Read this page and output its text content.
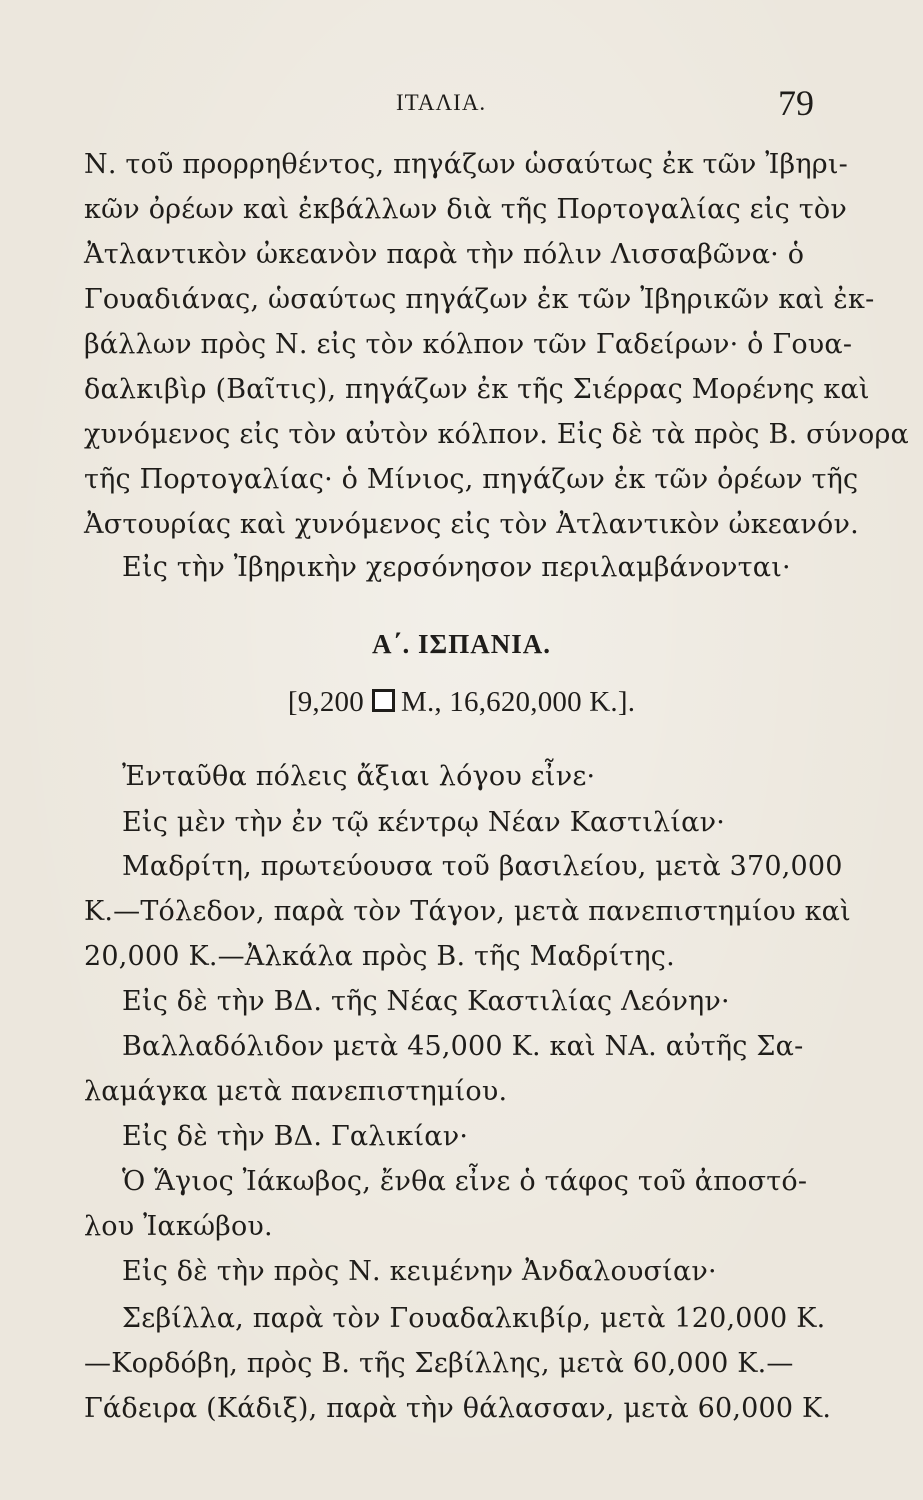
ΙΤΑΛΙΑ.	79
Ν. τοῦ προρρηθέντος, πηγάζων ὡσαύτως ἐκ τῶν Ἰβηρι-
κῶν ὀρέων καὶ ἐκβάλλων διὰ τῆς Πορτογαλίας εἰς τὸν
Ἀτλαντικὸν ὠκεανὸν παρὰ τὴν πόλιν Λισσαβῶνα· ὁ
Γουαδιάνας, ὡσαύτως πηγάζων ἐκ τῶν Ἰβηρικῶν καὶ ἐκ-
βάλλων πρὸς Ν. εἰς τὸν κόλπον τῶν Γαδείρων· ὁ Γουα-
δαλκιβὶρ (Βαῖτις), πηγάζων ἐκ τῆς Σιέρρας Μορένης καὶ
χυνόμενος εἰς τὸν αὐτὸν κόλπον. Εἰς δὲ τὰ πρὸς Β. σύνορα
τῆς Πορτογαλίας· ὁ Μίνιος, πηγάζων ἐκ τῶν ὀρέων τῆς
Ἀστουρίας καὶ χυνόμενος εἰς τὸν Ἀτλαντικὸν ὠκεανόν.
Εἰς τὴν Ἰβηρικὴν χερσόνησον περιλαμβάνονται·
Α΄. ΙΣΠΑΝΙΑ.
[9,200 Μ., 16,620,000 Κ.].
Ἐνταῦθα πόλεις ἄξιαι λόγου εἶνε·
Εἰς μὲν τὴν ἐν τῷ κέντρῳ Νέαν Καστιλίαν·
Μαδρίτη, πρωτεύουσα τοῦ βασιλείου, μετὰ 370,000
Κ.—Τόλεδον, παρὰ τὸν Τάγον, μετὰ πανεπιστημίου καὶ
20,000 Κ.—Ἀλκάλα πρὸς Β. τῆς Μαδρίτης.
Εἰς δὲ τὴν ΒΔ. τῆς Νέας Καστιλίας Λεόνην·
Βαλλαδόλιδον μετὰ 45,000 Κ. καὶ ΝΑ. αὐτῆς Σα-
λαμάγκα μετὰ πανεπιστημίου.
Εἰς δὲ τὴν ΒΔ. Γαλικίαν·
Ὁ Ἅγιος Ἰάκωβος, ἔνθα εἶνε ὁ τάφος τοῦ ἀποστό-
λου Ἰακώβου.
Εἰς δὲ τὴν πρὸς Ν. κειμένην Ἀνδαλουσίαν·
Σεβίλλα, παρὰ τὸν Γουαδαλκιβίρ, μετὰ 120,000 Κ.
—Κορδόβη, πρὸς Β. τῆς Σεβίλλης, μετὰ 60,000 Κ.—
Γάδειρα (Κάδιξ), παρὰ τὴν θάλασσαν, μετὰ 60,000 Κ.
